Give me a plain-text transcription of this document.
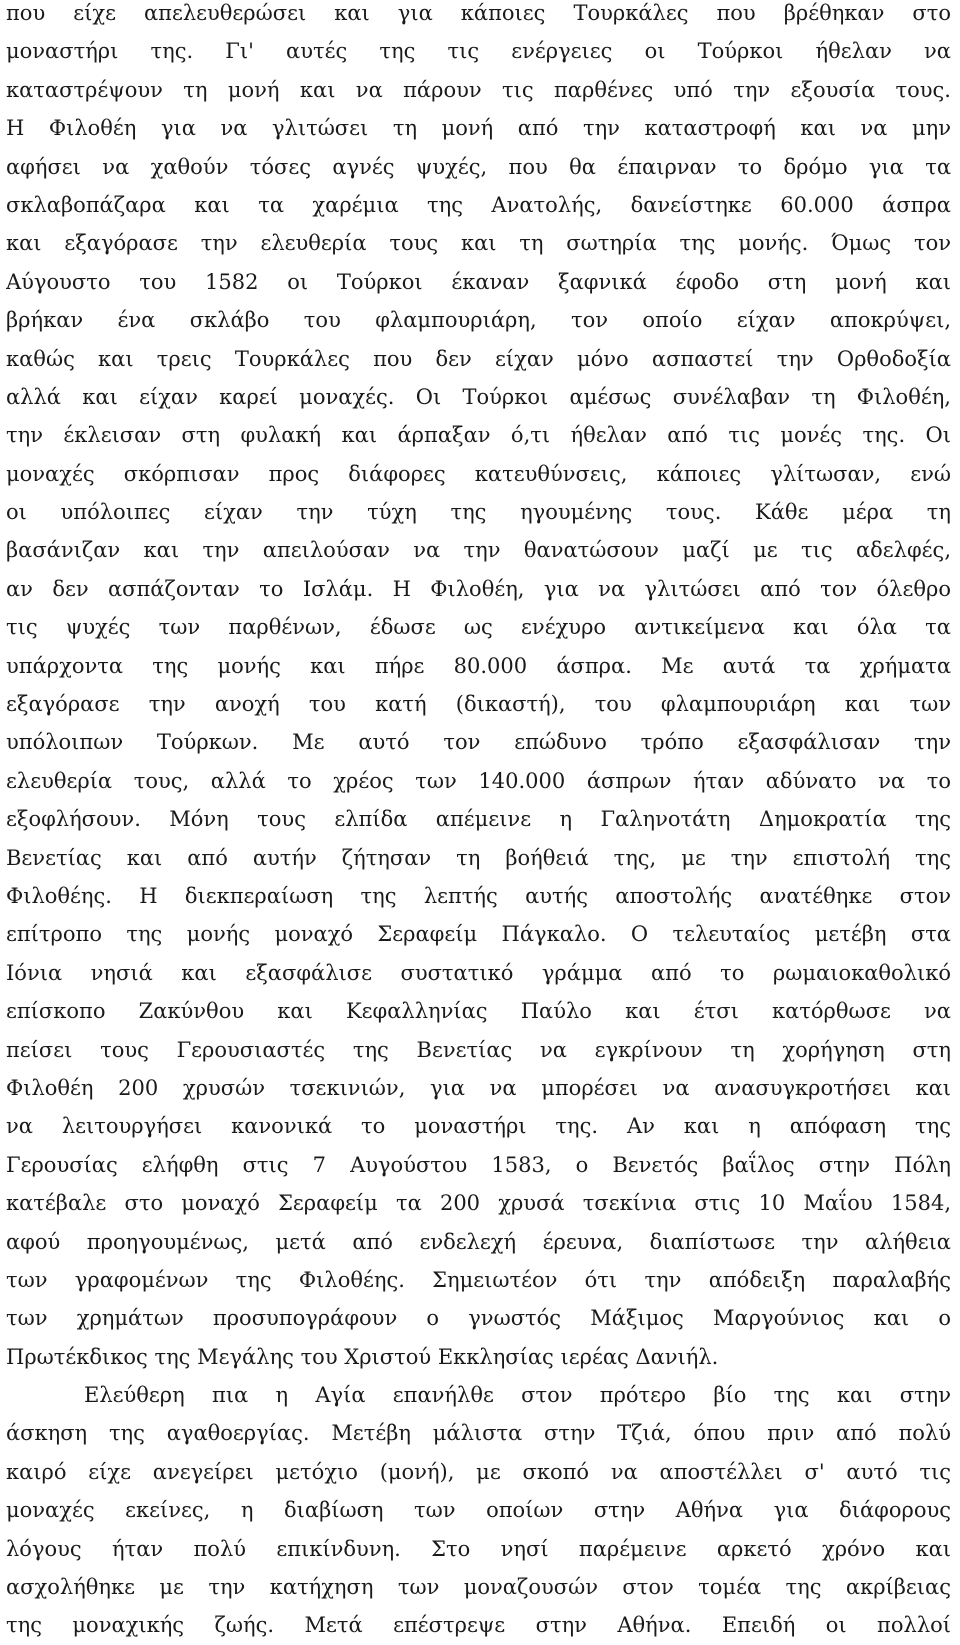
που είχε απελευθερώσει και για κάποιες Τουρκάλες που βρέθηκαν στο
μοναστήρι της. Γι' αυτές της τις ενέργειες οι Τούρκοι ήθελαν να
καταστρέψουν τη μονή και να πάρουν τις παρθένες υπό την εξουσία τους.
Η Φιλοθέη για να γλιτώσει τη μονή από την καταστροφή και να μην
αφήσει να χαθούν τόσες αγνές ψυχές, που θα έπαιρναν το δρόμο για τα
σκλαβοπάζαρα και τα χαρέμια της Ανατολής, δανείστηκε 60.000 άσπρα
και εξαγόρασε την ελευθερία τους και τη σωτηρία της μονής. Όμως τον
Αύγουστο του 1582 οι Τούρκοι έκαναν ξαφνικά έφοδο στη μονή και
βρήκαν ένα σκλάβο του φλαμπουριάρη, τον οποίο είχαν αποκρύψει,
καθώς και τρεις Τουρκάλες που δεν είχαν μόνο ασπαστεί την Ορθοδοξία
αλλά και είχαν καρεί μοναχές. Οι Τούρκοι αμέσως συνέλαβαν τη Φιλοθέη,
την έκλεισαν στη φυλακή και άρπαξαν ό,τι ήθελαν από τις μονές της. Οι
μοναχές σκόρπισαν προς διάφορες κατευθύνσεις, κάποιες γλίτωσαν, ενώ
οι υπόλοιπες είχαν την τύχη της ηγουμένης τους. Κάθε μέρα τη
βασάνιζαν και την απειλούσαν να την θανατώσουν μαζί με τις αδελφές,
αν δεν ασπάζονταν το Ισλάμ. Η Φιλοθέη, για να γλιτώσει από τον όλεθρο
τις ψυχές των παρθένων, έδωσε ως ενέχυρο αντικείμενα και όλα τα
υπάρχοντα της μονής και πήρε 80.000 άσπρα. Με αυτά τα χρήματα
εξαγόρασε την ανοχή του κατή (δικαστή), του φλαμπουριάρη και των
υπόλοιπων Τούρκων. Με αυτό τον επώδυνο τρόπο εξασφάλισαν την
ελευθερία τους, αλλά το χρέος των 140.000 άσπρων ήταν αδύνατο να το
εξοφλήσουν. Μόνη τους ελπίδα απέμεινε η Γαληνοτάτη Δημοκρατία της
Βενετίας και από αυτήν ζήτησαν τη βοήθειά της, με την επιστολή της
Φιλοθέης. Η διεκπεραίωση της λεπτής αυτής αποστολής ανατέθηκε στον
επίτροπο της μονής μοναχό Σεραφείμ Πάγκαλο. Ο τελευταίος μετέβη στα
Ιόνια νησιά και εξασφάλισε συστατικό γράμμα από το ρωμαιοκαθολικό
επίσκοπο Ζακύνθου και Κεφαλληνίας Παύλο και έτσι κατόρθωσε να
πείσει τους Γερουσιαστές της Βενετίας να εγκρίνουν τη χορήγηση στη
Φιλοθέη 200 χρυσών τσεκινιών, για να μπορέσει να ανασυγκροτήσει και
να λειτουργήσει κανονικά το μοναστήρι της. Αν και η απόφαση της
Γερουσίας ελήφθη στις 7 Αυγούστου 1583, ο Βενετός βαΐλος στην Πόλη
κατέβαλε στο μοναχό Σεραφείμ τα 200 χρυσά τσεκίνια στις 10 Μαΐου 1584,
αφού προηγουμένως, μετά από ενδελεχή έρευνα, διαπίστωσε την αλήθεια
των γραφομένων της Φιλοθέης. Σημειωτέον ότι την απόδειξη παραλαβής
των χρημάτων προσυπογράφουν ο γνωστός Μάξιμος Μαργούνιος και ο
Πρωτέκδικος της Μεγάλης του Χριστού Εκκλησίας ιερέας Δανιήλ.

Ελεύθερη πια η Αγία επανήλθε στον πρότερο βίο της και στην
άσκηση της αγαθοεργίας. Μετέβη μάλιστα στην Τζιά, όπου πριν από πολύ
καιρό είχε ανεγείρει μετόχιο (μονή), με σκοπό να αποστέλλει σ' αυτό τις
μοναχές εκείνες, η διαβίωση των οποίων στην Αθήνα για διάφορους
λόγους ήταν πολύ επικίνδυνη. Στο νησί παρέμεινε αρκετό χρόνο και
ασχολήθηκε με την κατήχηση των μοναζουσών στον τομέα της ακρίβειας
της μοναχικής ζωής. Μετά επέστρεψε στην Αθήνα. Επειδή οι πολλοί
